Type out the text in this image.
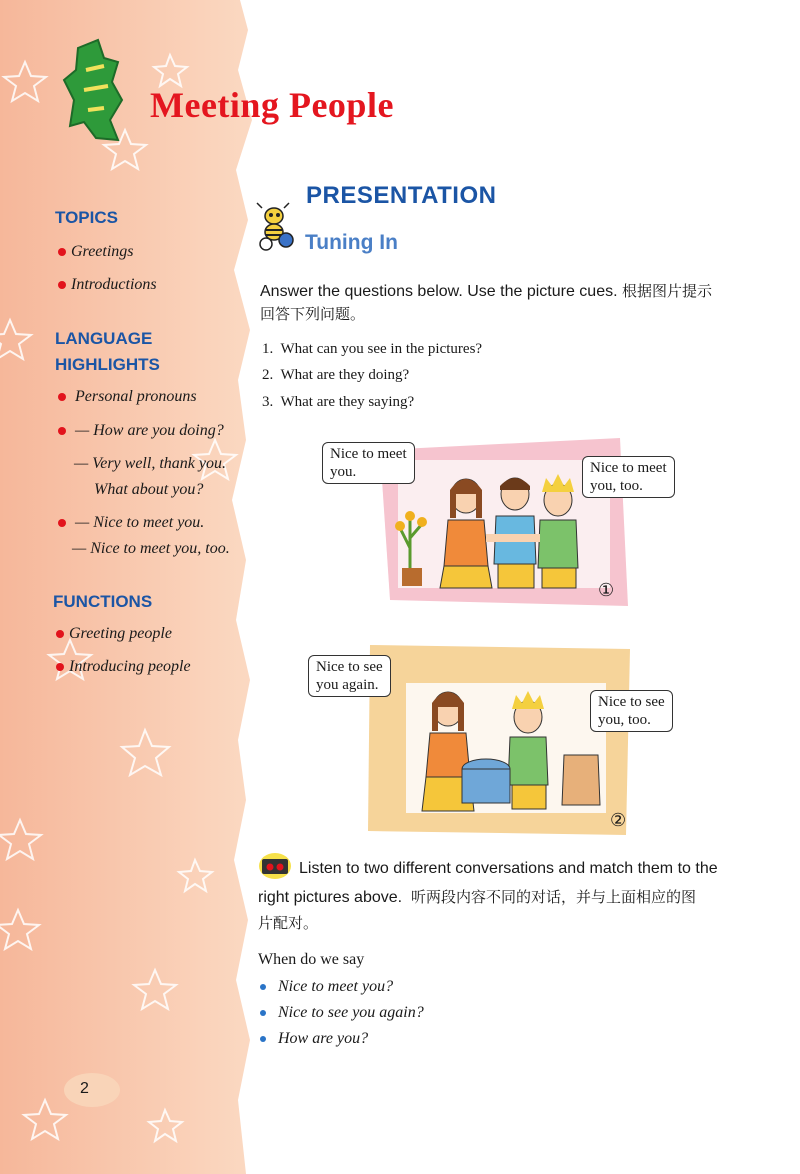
Meeting People
TOPICS
Greetings
Introductions
LANGUAGE
HIGHLIGHTS
Personal pronouns
— How are you doing?
— Very well, thank you.
What about you?
— Nice to meet you.
— Nice to meet you, too.
FUNCTIONS
Greeting people
Introducing people
PRESENTATION
Tuning In
Answer the questions below. Use the picture cues. 根据图片提示
回答下列问题。
1.  What can you see in the pictures?
2.  What are they doing?
3.  What are they saying?
Nice to meet
you.	Nice to meet
you, too.
①
Nice to see
you again.
Nice to see
you, too.
②
Listen to two different conversations and match them to the
right pictures above. 听两段内容不同的对话，并与上面相应的图
片配对。
When do we say
Nice to meet you?
Nice to see you again?
How are you?
2
